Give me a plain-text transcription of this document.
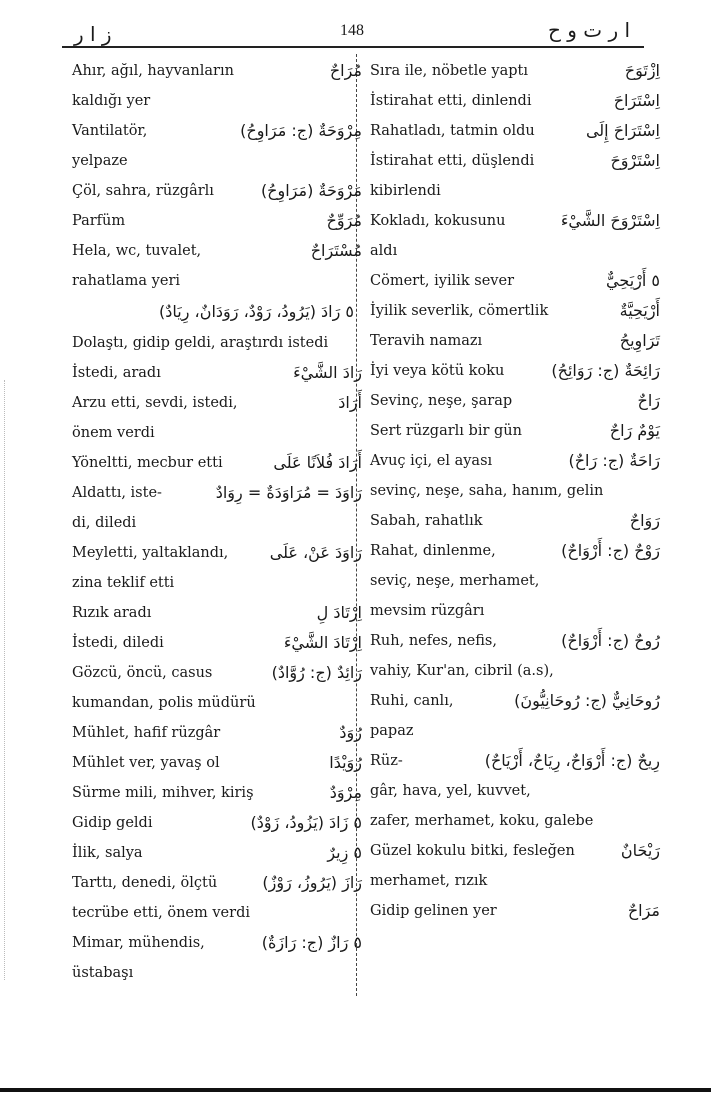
ز ا ر	148	ا ر ت و ح
مُرَاحٌ
Ahır, ağıl, hayvanların
kaldığı yer
مِرْوَحَةٌ (ج: مَرَاوِحُ)
Vantilatör,
yelpaze
مَرْوَحَةٌ (مَرَاوِحُ)
Çöl, sahra, rüzgârlı
مُرَوِّحٌ
Parfüm
مُسْتَرَاحٌ
Hela, wc, tuvalet,
rahatlama yeri
٥ رَادَ (يَرُودُ، رَوْدٌ، رَوَدَانٌ، رِيَادٌ)
Dolaştı, gidip geldi, araştırdı istedi
رَادَ الشَّيْءَ
İstedi, aradı
أَرَادَ
Arzu etti, sevdi, istedi,
önem verdi
أَرَادَ فُلاَنًا عَلَى
Yöneltti, mecbur etti
رَاوَدَ = مُرَاوَدَةٌ = رِوَادٌ
Aldattı, iste-
di, diledi
رَاوَدَ عَنْ، عَلَى
Meyletti, yaltaklandı,
zina teklif etti
اِرْتَادَ لِ
Rızık aradı
اِرْتَادَ الشَّيْءَ
İstedi, diledi
رَائِدٌ (ج: رُوَّادٌ)
Gözcü, öncü, casus
kumandan, polis müdürü
رُوَدٌ
Mühlet, hafif rüzgâr
رُوَيْدًا
Mühlet ver, yavaş ol
مِرْوَدٌ
Sürme mili, mihver, kiriş
٥ زَادَ (يَزُودُ، زَوْدٌ)
Gidip geldi
٥ زِيرٌ
İlik, salya
رَازَ (يَرُوزُ، رَوْزٌ)
Tarttı, denedi, ölçtü
tecrübe etti, önem verdi
٥ رَازٌ (ج: رَازَةٌ)
Mimar, mühendis,
üstabaşı
اِزْتَوَحَ
Sıra ile, nöbetle yaptı
اِسْتَرَاحَ
İstirahat etti, dinlendi
اِسْتَرَاحَ إِلَى
Rahatladı, tatmin oldu
اِسْتَرْوَحَ
İstirahat etti, düşlendi
kibirlendi
اِسْتَرْوَحَ الشَّيْءَ
Kokladı, kokusunu
aldı
٥ أَرْيَحِيٌّ
Cömert, iyilik sever
أَرْيَحِيَّةٌ
İyilik severlik, cömertlik
تَرَاوِيحُ
Teravih namazı
رَائِحَةٌ (ج: رَوَائِحُ)
İyi veya kötü koku
رَاحٌ
Sevinç, neşe, şarap
يَوْمٌ رَاحٌ
Sert rüzgarlı bir gün
رَاحَةٌ (ج: رَاحٌ)
Avuç içi, el ayası
sevinç, neşe, saha, hanım, gelin
رَوَاحٌ
Sabah, rahatlık
رَوْحٌ (ج: أَرْوَاحٌ)
Rahat, dinlenme,
seviç, neşe, merhamet,
mevsim rüzgârı
رُوحٌ (ج: أَرْوَاحٌ)
Ruh, nefes, nefis,
vahiy, Kur'an, cibril (a.s),
رُوحَانِيٌّ (ج: رُوحَانِيُّونَ)
Ruhi, canlı,
papaz
رِيحٌ (ج: أَرْوَاحٌ، رِيَاحٌ، أَرْيَاحٌ)
Rüz-
gâr, hava, yel, kuvvet,
zafer, merhamet, koku, galebe
رَيْحَانٌ
Güzel kokulu bitki, fesleğen
merhamet, rızık
مَرَاحٌ
Gidip gelinen yer
